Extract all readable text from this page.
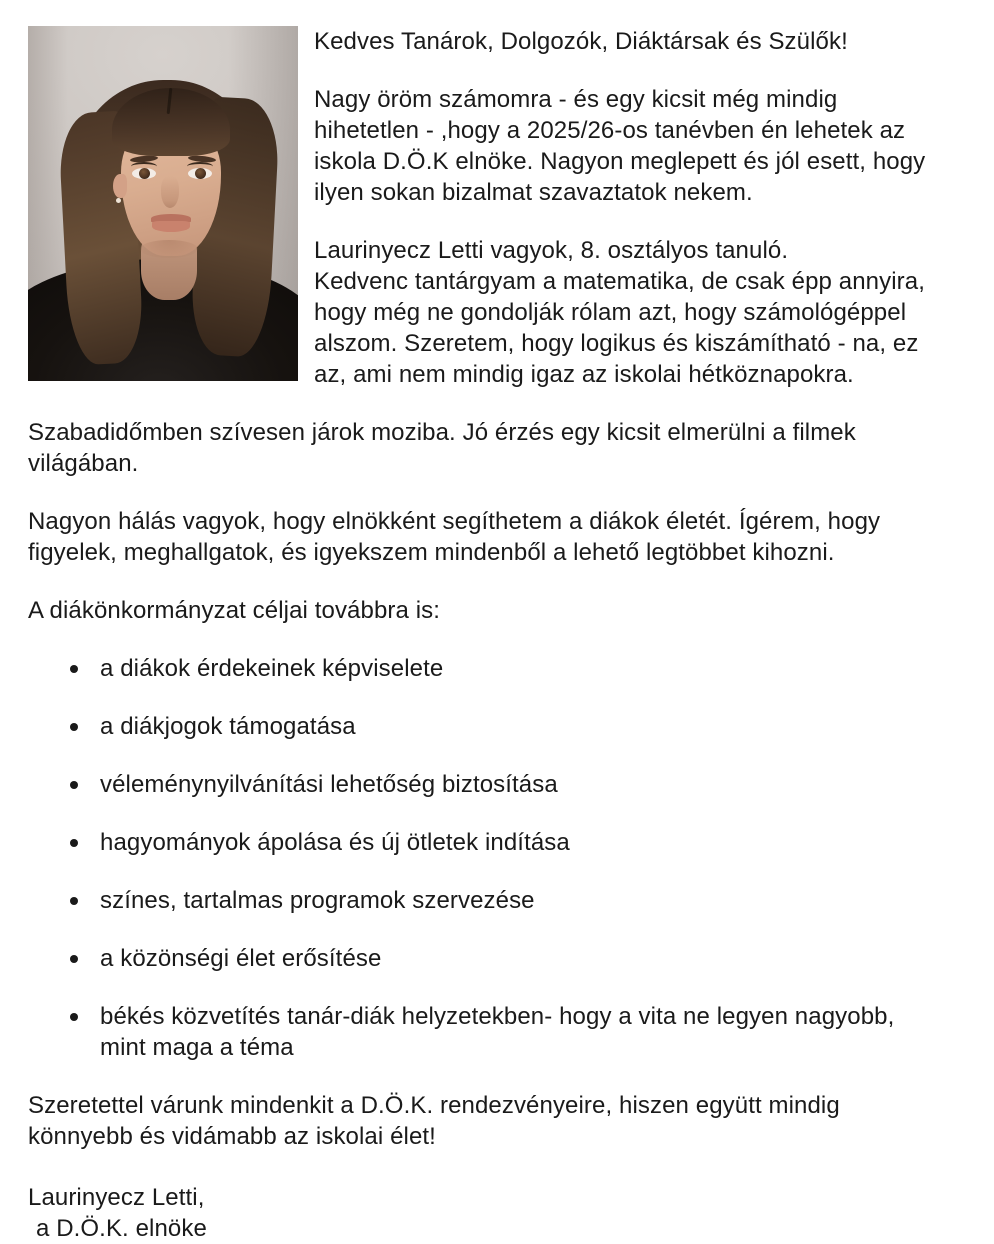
Kedves Tanárok, Dolgozók, Diáktársak és Szülők!

Nagy öröm számomra - és egy kicsit még mindig hihetetlen - ,hogy a 2025/26-os tanévben én lehetek az iskola D.Ö.K elnöke. Nagyon meglepett és jól esett, hogy ilyen sokan bizalmat szavaztatok nekem.

Laurinyecz Letti vagyok, 8. osztályos tanuló.

Kedvenc tantárgyam a matematika, de csak épp annyira, hogy még ne gondolják rólam azt, hogy számológéppel alszom. Szeretem, hogy logikus és kiszámítható - na, ez az, ami nem mindig igaz az iskolai hétköznapokra.

Szabadidőmben szívesen járok moziba. Jó érzés egy kicsit elmerülni a filmek világában.

Nagyon hálás vagyok, hogy elnökként segíthetem a diákok életét. Ígérem, hogy figyelek, meghallgatok, és igyekszem mindenből a lehető legtöbbet kihozni.

A diákönkormányzat céljai továbbra is:

a diákok érdekeinek képviselete
a diákjogok támogatása
véleménynyilvánítási lehetőség biztosítása
hagyományok ápolása és új ötletek indítása
színes, tartalmas programok szervezése
a közönségi élet erősítése
békés közvetítés tanár-diák helyzetekben- hogy a vita ne legyen nagyobb, mint maga a téma

Szeretettel várunk mindenkit a D.Ö.K. rendezvényeire, hiszen együtt mindig könnyebb és vidámabb az iskolai élet!

Laurinyecz Letti,
a D.Ö.K. elnöke
